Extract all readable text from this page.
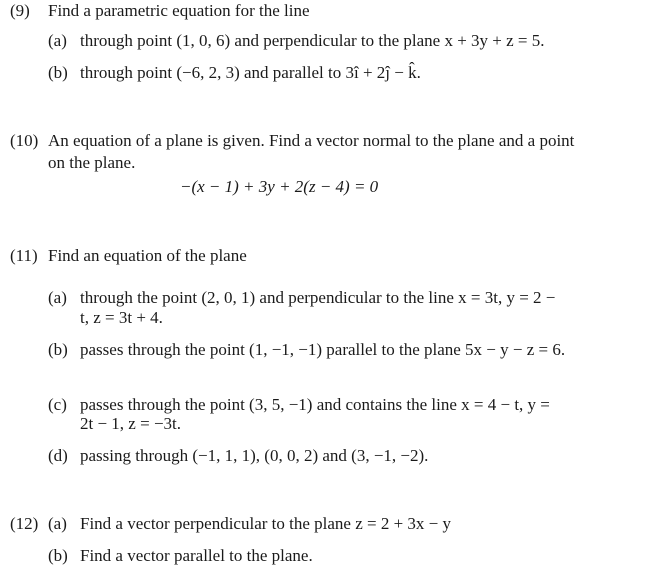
(9) Find a parametric equation for the line
(a) through point (1, 0, 6) and perpendicular to the plane x + 3y + z = 5.
(b) through point (−6, 2, 3) and parallel to 3î + 2ĵ − k̂.
(10) An equation of a plane is given. Find a vector normal to the plane and a point
on the plane.
−(x − 1) + 3y + 2(z − 4) = 0
(11) Find an equation of the plane
(a) through the point (2, 0, 1) and perpendicular to the line x = 3t, y = 2 −
t, z = 3t + 4.
(b) passes through the point (1, −1, −1) parallel to the plane 5x − y − z = 6.
(c) passes through the point (3, 5, −1) and contains the line x = 4 − t, y =
2t − 1, z = −3t.
(d) passing through (−1, 1, 1), (0, 0, 2) and (3, −1, −2).
(12) (a) Find a vector perpendicular to the plane z = 2 + 3x − y
(b) Find a vector parallel to the plane.
